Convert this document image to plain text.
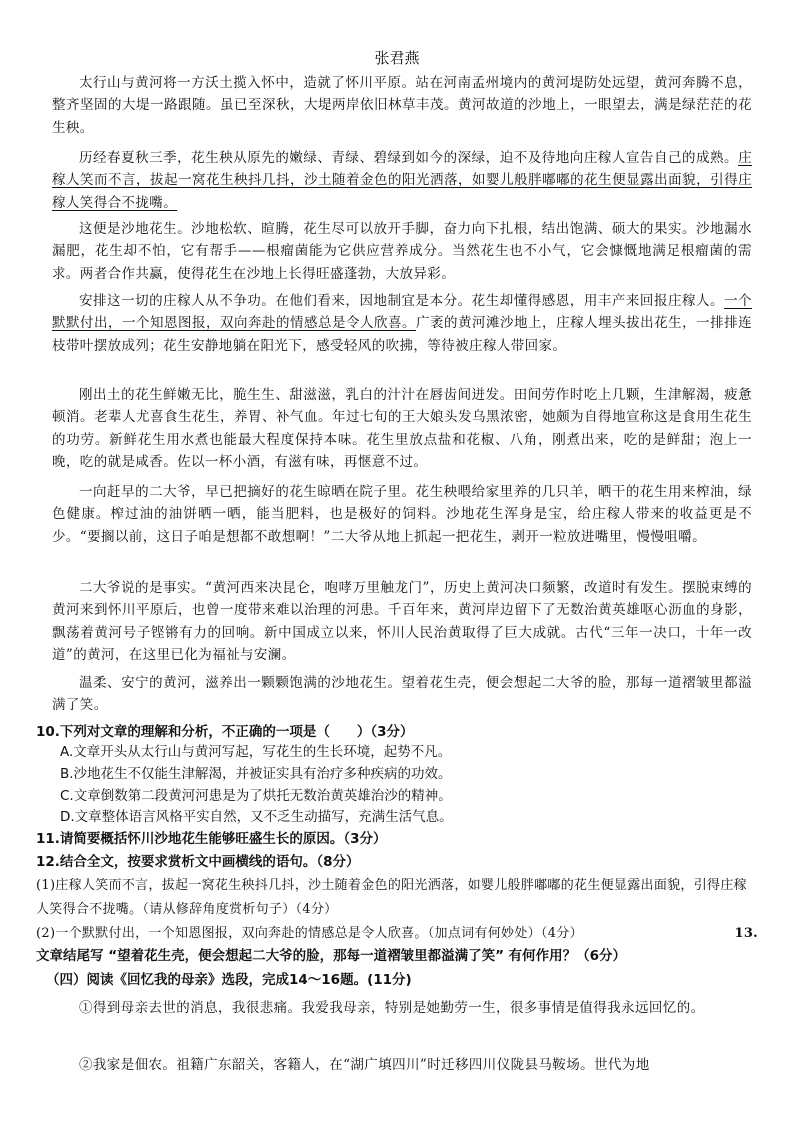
张君燕

太行山与黄河将一方沃土揽入怀中，造就了怀川平原。站在河南孟州境内的黄河堤防处远望，黄河奔腾不息，整齐坚固的大堤一路跟随。虽已至深秋，大堤两岸依旧林草丰茂。黄河故道的沙地上，一眼望去，满是绿茫茫的花生秧。

历经春夏秋三季，花生秧从原先的嫩绿、青绿、碧绿到如今的深绿，迫不及待地向庄稼人宣告自己的成熟。庄稼人笑而不言，拔起一窝花生秧抖几抖，沙土随着金色的阳光洒落，如婴儿般胖嘟嘟的花生便显露出面貌，引得庄稼人笑得合不拢嘴。

这便是沙地花生。沙地松软、暄腾，花生尽可以放开手脚，奋力向下扎根，结出饱满、硕大的果实。沙地漏水漏肥，花生却不怕，它有帮手——根瘤菌能为它供应营养成分。当然花生也不小气，它会慷慨地满足根瘤菌的需求。两者合作共赢，使得花生在沙地上长得旺盛蓬勃，大放异彩。

安排这一切的庄稼人从不争功。在他们看来，因地制宜是本分。花生却懂得感恩，用丰产来回报庄稼人。一个默默付出，一个知恩图报，双向奔赴的情感总是令人欣喜。广袤的黄河滩沙地上，庄稼人埋头拔出花生，一排排连枝带叶摆放成列；花生安静地躺在阳光下，感受轻风的吹拂，等待被庄稼人带回家。

刚出土的花生鲜嫩无比，脆生生、甜滋滋，乳白的汁汁在唇齿间迸发。田间劳作时吃上几颗，生津解渴，疲惫顿消。老辈人尤喜食生花生，养胃、补气血。年过七旬的王大娘头发乌黑浓密，她颇为自得地宣称这是食用生花生的功劳。新鲜花生用水煮也能最大程度保持本味。花生里放点盐和花椒、八角，刚煮出来，吃的是鲜甜；泡上一晚，吃的就是咸香。佐以一杯小酒，有滋有味，再惬意不过。

一向赶早的二大爷，早已把摘好的花生晾晒在院子里。花生秧喂给家里养的几只羊，晒干的花生用来榨油，绿色健康。榨过油的油饼晒一晒，能当肥料，也是极好的饲料。沙地花生浑身是宝，给庄稼人带来的收益更是不少。“要搁以前，这日子咱是想都不敢想啊！”二大爷从地上抓起一把花生，剥开一粒放进嘴里，慢慢咀嚼。

二大爷说的是事实。“黄河西来决昆仑，咆哮万里触龙门”，历史上黄河决口频繁，改道时有发生。摆脱束缚的黄河来到怀川平原后，也曾一度带来难以治理的河患。千百年来，黄河岸边留下了无数治黄英雄呕心沥血的身影，飘荡着黄河号子铿锵有力的回响。新中国成立以来，怀川人民治黄取得了巨大成就。古代“三年一决口，十年一改道”的黄河，在这里已化为福祉与安澜。

温柔、安宁的黄河，滋养出一颗颗饱满的沙地花生。望着花生壳，便会想起二大爷的脸，那每一道褶皱里都溢满了笑。

10.下列对文章的理解和分析，不正确的一项是（　　）（3分）

A.文章开头从太行山与黄河写起，写花生的生长环境，起势不凡。

B.沙地花生不仅能生津解渴，并被证实具有治疗多种疾病的功效。

C.文章倒数第二段黄河河患是为了烘托无数治黄英雄治沙的精神。

D.文章整体语言风格平实自然，又不乏生动描写，充满生活气息。

11.请简要概括怀川沙地花生能够旺盛生长的原因。（3分）

12.结合全文，按要求赏析文中画横线的语句。（8分）

(1)庄稼人笑而不言，拔起一窝花生秧抖几抖，沙土随着金色的阳光洒落，如婴儿般胖嘟嘟的花生便显露出面貌，引得庄稼人笑得合不拢嘴。（请从修辞角度赏析句子）（4分）

(2)一个默默付出，一个知恩图报，双向奔赴的情感总是令人欣喜。（加点词有何妙处）（4分）	13.

文章结尾写 “望着花生壳，便会想起二大爷的脸，那每一道褶皱里都溢满了笑” 有何作用？（6分）

（四）阅读《回忆我的母亲》选段，完成14～16题。(11分)

①得到母亲去世的消息，我很悲痛。我爱我母亲，特别是她勤劳一生，很多事情是值得我永远回忆的。

②我家是佃农。祖籍广东韶关，客籍人，在“湖广填四川”时迁移四川仪陇县马鞍场。世代为地
